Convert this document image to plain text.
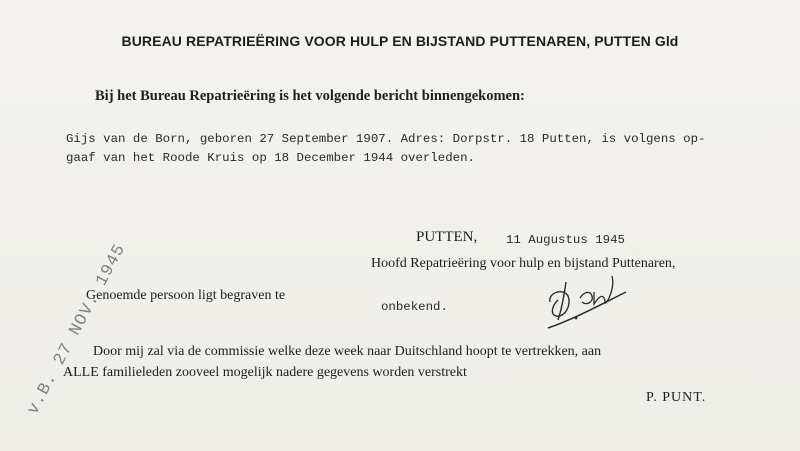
BUREAU REPATRIEËRING VOOR HULP EN BIJSTAND PUTTENAREN, PUTTEN Gld
Bij het Bureau Repatrieëring is het volgende bericht binnengekomen:
Gijs van de Born, geboren 27 September 1907. Adres: Dorpstr. 18 Putten, is volgens op-
gaaf van het Roode Kruis op 18 December 1944 overleden.
PUTTEN, 11 Augustus 1945
Hoofd Repatrieëring voor hulp en bijstand Puttenaren,
Genoemde persoon ligt begraven te
onbekend.
Door mij zal via de commissie welke deze week naar Duitschland hoopt te vertrekken, aan
ALLE familieleden zooveel mogelijk nadere gegevens worden verstrekt
P. PUNT.
v.B. 27 NOV. 1945
